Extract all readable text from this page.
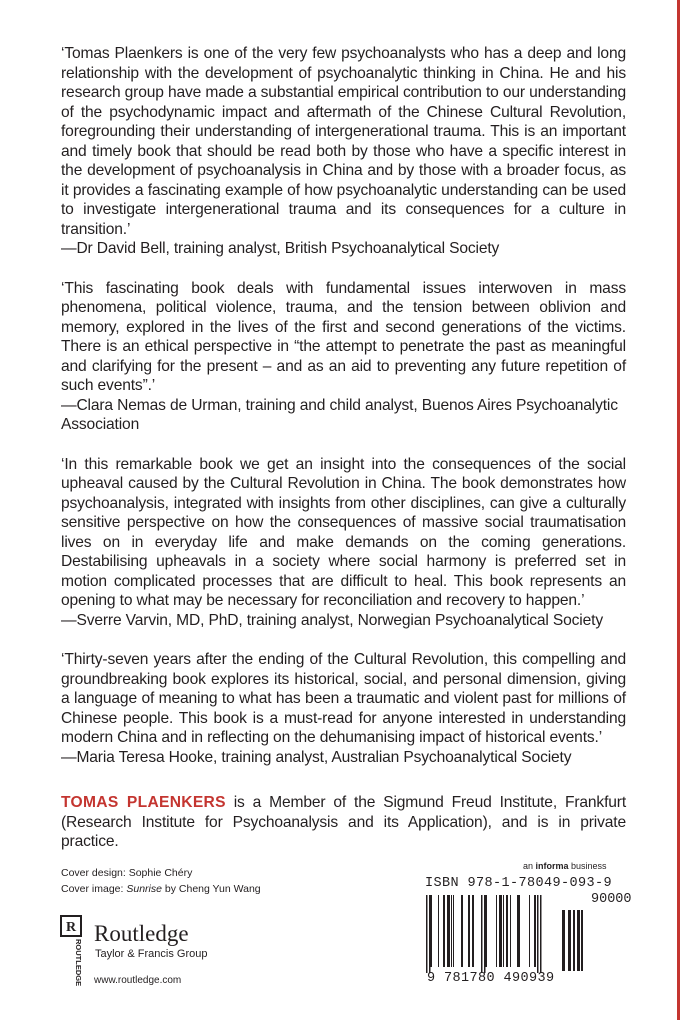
‘Tomas Plaenkers is one of the very few psychoanalysts who has a deep and long relationship with the development of psychoanalytic thinking in China. He and his research group have made a substantial empirical contribution to our understanding of the psychodynamic impact and aftermath of the Chinese Cultural Revolution, foregrounding their understanding of intergenerational trauma. This is an important and timely book that should be read both by those who have a specific interest in the development of psychoanalysis in China and by those with a broader focus, as it provides a fascinating example of how psychoanalytic understanding can be used to investigate intergenerational trauma and its consequences for a culture in transition.’

—Dr David Bell, training analyst, British Psychoanalytical Society

‘This fascinating book deals with fundamental issues interwoven in mass phenomena, political violence, trauma, and the tension between oblivion and memory, explored in the lives of the first and second generations of the victims. There is an ethical perspective in “the attempt to penetrate the past as meaningful and clarifying for the present – and as an aid to preventing any future repetition of such events”.’

—Clara Nemas de Urman, training and child analyst, Buenos Aires Psychoanalytic Association

‘In this remarkable book we get an insight into the consequences of the social upheaval caused by the Cultural Revolution in China. The book demonstrates how psychoanalysis, integrated with insights from other disciplines, can give a culturally sensitive perspective on how the consequences of massive social traumatisation lives on in everyday life and make demands on the coming generations. Destabilising upheavals in a society where social harmony is preferred set in motion complicated processes that are difficult to heal. This book represents an opening to what may be necessary for reconciliation and recovery to happen.’

—Sverre Varvin, MD, PhD, training analyst, Norwegian Psychoanalytical Society

‘Thirty-seven years after the ending of the Cultural Revolution, this compelling and groundbreaking book explores its historical, social, and personal dimension, giving a language of meaning to what has been a traumatic and violent past for millions of Chinese people. This book is a must-read for anyone interested in understanding modern China and in reflecting on the dehumanising impact of historical events.’

—Maria Teresa Hooke, training analyst, Australian Psychoanalytical Society
TOMAS PLAENKERS is a Member of the Sigmund Freud Institute, Frankfurt (Research Institute for Psychoanalysis and its Application), and is in private practice.
Cover design: Sophie Chéry
Cover image: Sunrise by Cheng Yun Wang
R
ROUTLEDGE
Routledge
Taylor & Francis Group
www.routledge.com
an informa business
ISBN 978-1-78049-093-9
90000
9 781780 490939
